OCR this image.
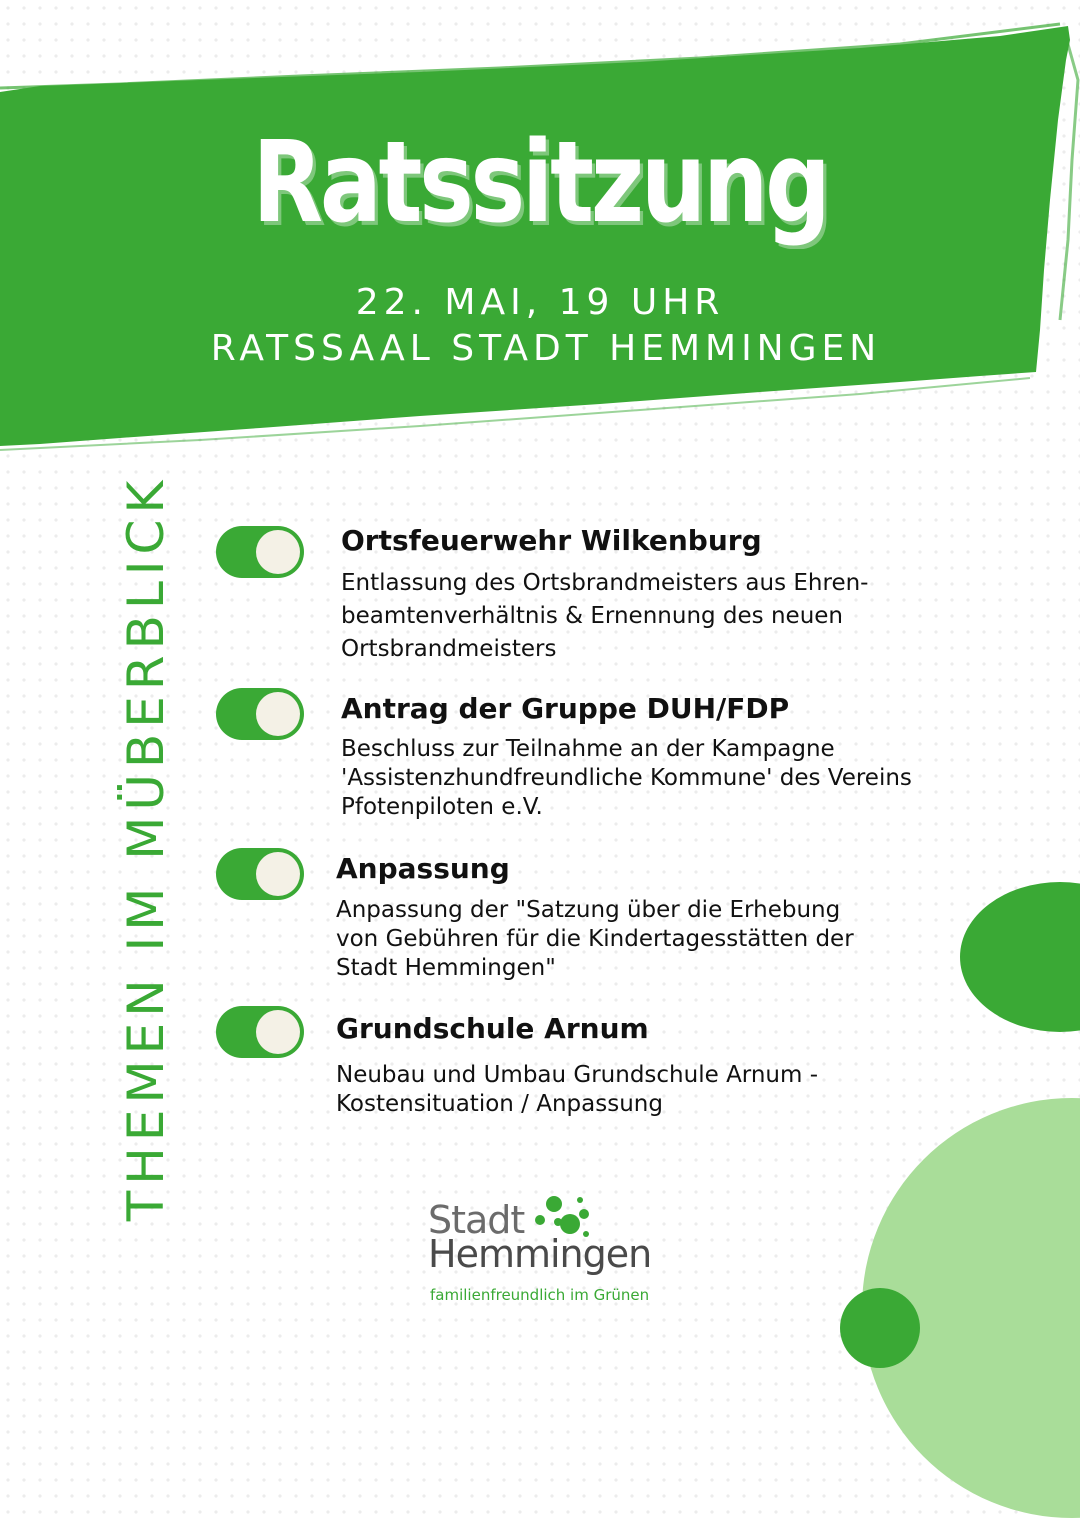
Ratssitzung
22. MAI, 19 UHR
RATSSAAL STADT HEMMINGEN
THEMEN IM MÜBERBLICK	Ortsfeuerwehr Wilkenburg
Entlassung des Ortsbrandmeisters aus Ehren-
beamtenverhältnis & Ernennung des neuen
Ortsbrandmeisters
Antrag der Gruppe DUH/FDP
Beschluss zur Teilnahme an der Kampagne
'Assistenzhundfreundliche Kommune' des Vereins
Pfotenpiloten e.V.
Anpassung
Anpassung der "Satzung über die Erhebung
von Gebühren für die Kindertagesstätten der
Stadt Hemmingen"
Grundschule Arnum
Neubau und Umbau Grundschule Arnum -
Kostensituation / Anpassung
Stadt
Hemmingen
familienfreundlich im Grünen
